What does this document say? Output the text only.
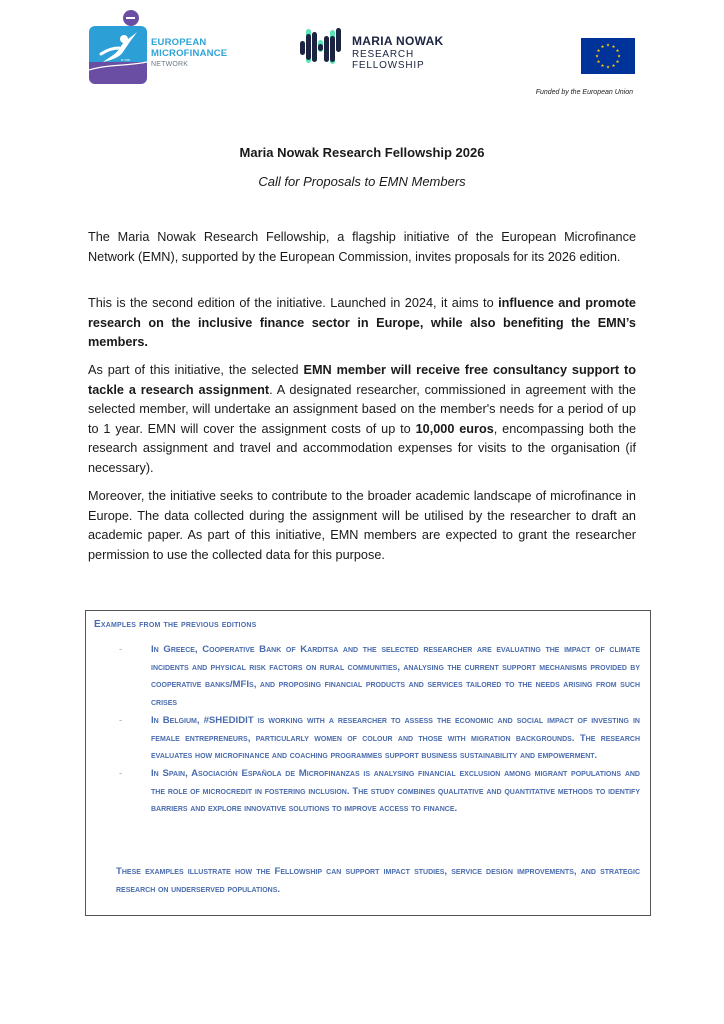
e-mn
EUROPEAN
MICROFINANCE
NETWORK
MARIA NOWAK
RESEARCH FELLOWSHIP
★ ★
★
★
★
★
★
★
★
★
★
★
Funded by the European Union
Maria Nowak Research Fellowship 2026
Call for Proposals to EMN Members
The Maria Nowak Research Fellowship, a flagship initiative of the European Microfinance Network (EMN), supported by the European Commission, invites proposals for its 2026 edition.
This is the second edition of the initiative. Launched in 2024, it aims to influence and promote research on the inclusive finance sector in Europe, while also benefiting the EMN’s members.
As part of this initiative, the selected EMN member will receive free consultancy support to tackle a research assignment. A designated researcher, commissioned in agreement with the selected member, will undertake an assignment based on the member's needs for a period of up to 1 year. EMN will cover the assignment costs of up to 10,000 euros, encompassing both the research assignment and travel and accommodation expenses for visits to the organisation (if necessary).
Moreover, the initiative seeks to contribute to the broader academic landscape of microfinance in Europe. The data collected during the assignment will be utilised by the researcher to draft an academic paper. As part of this initiative, EMN members are expected to grant the researcher permission to use the collected data for this purpose.
Examples from the previous editions
-	In Greece, Cooperative Bank of Karditsa and the selected researcher are evaluating the impact of climate incidents and physical risk factors on rural communities, analysing the current support mechanisms provided by cooperative banks/MFIs, and proposing financial products and services tailored to the needs arising from such crises
-	In Belgium, #SHEDIDIT is working with a researcher to assess the economic and social impact of investing in female entrepreneurs, particularly women of colour and those with migration backgrounds. The research evaluates how microfinance and coaching programmes support business sustainability and empowerment.
-	In Spain, Asociación Española de Microfinanzas is analysing financial exclusion among migrant populations and the role of microcredit in fostering inclusion. The study combines qualitative and quantitative methods to identify barriers and explore innovative solutions to improve access to finance.
These examples illustrate how the Fellowship can support impact studies, service design improvements, and strategic research on underserved populations.
